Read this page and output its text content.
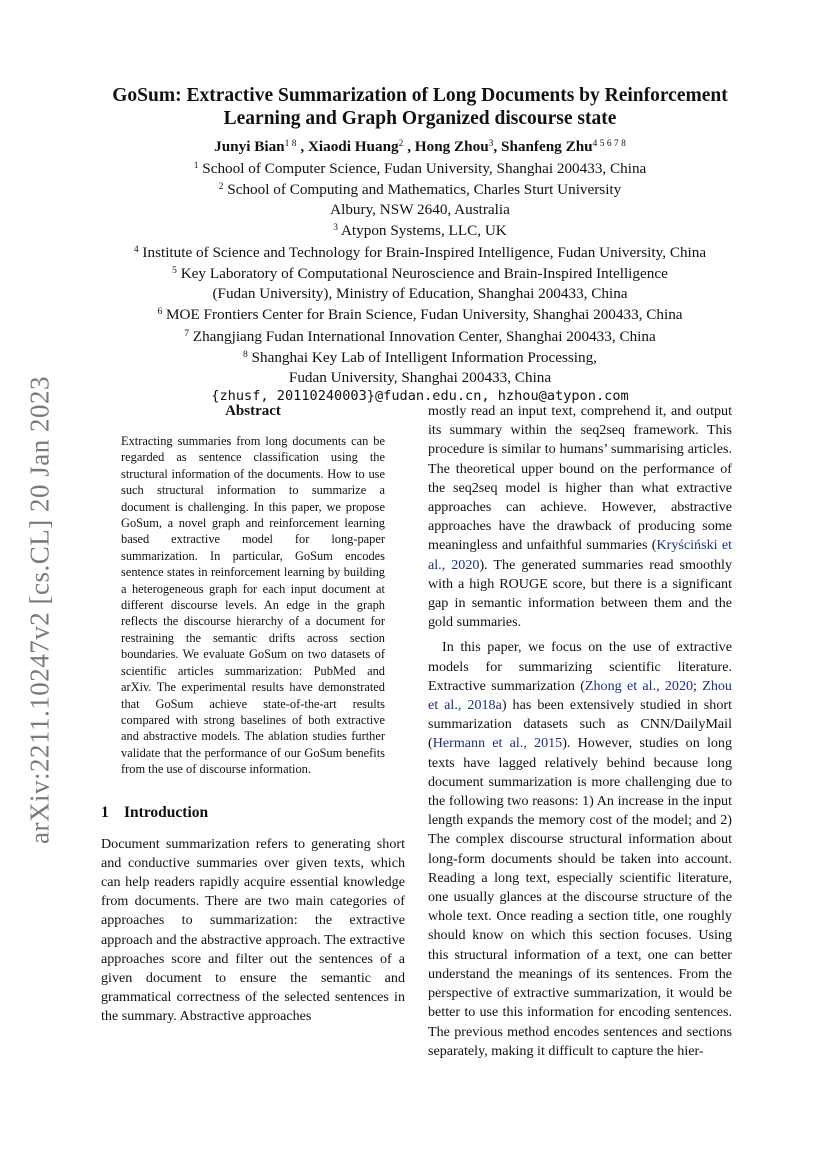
arXiv:2211.10247v2 [cs.CL] 20 Jan 2023
GoSum: Extractive Summarization of Long Documents by Reinforcement
Learning and Graph Organized discourse state
Junyi Bian$^{1 8}$ , Xiaodi Huang$^2$ , Hong Zhou$^3$, Shanfeng Zhu$^{4 5 6 7 8}$
$^1$ School of Computer Science, Fudan University, Shanghai 200433, China
$^2$ School of Computing and Mathematics, Charles Sturt University
Albury, NSW 2640, Australia
$^3$ Atypon Systems, LLC, UK
$^4$ Institute of Science and Technology for Brain-Inspired Intelligence, Fudan University, China
$^5$ Key Laboratory of Computational Neuroscience and Brain-Inspired Intelligence
(Fudan University), Ministry of Education, Shanghai 200433, China
$^6$ MOE Frontiers Center for Brain Science, Fudan University, Shanghai 200433, China
$^7$ Zhangjiang Fudan International Innovation Center, Shanghai 200433, China
$^8$ Shanghai Key Lab of Intelligent Information Processing,
Fudan University, Shanghai 200433, China
{zhusf, 20110240003}@fudan.edu.cn, hzhou@atypon.com
Abstract

Extracting summaries from long documents can be regarded as sentence classification using the structural information of the documents. How to use such structural information to summarize a document is challenging. In this paper, we propose GoSum, a novel graph and reinforcement learning based extractive model for long-paper summarization. In particular, GoSum encodes sentence states in reinforcement learning by building a heterogeneous graph for each input document at different discourse levels. An edge in the graph reflects the discourse hierarchy of a document for restraining the semantic drifts across section boundaries. We evaluate GoSum on two datasets of scientific articles summarization: PubMed and arXiv. The experimental results have demonstrated that GoSum achieve state-of-the-art results compared with strong baselines of both extractive and abstractive models. The ablation studies further validate that the performance of our GoSum benefits from the use of discourse information.

1 Introduction

Document summarization refers to generating short and conductive summaries over given texts, which can help readers rapidly acquire essential knowledge from documents. There are two main categories of approaches to summarization: the extractive approach and the abstractive approach. The extractive approaches score and filter out the sentences of a given document to ensure the semantic and grammatical correctness of the selected sentences in the summary. Abstractive approaches

mostly read an input text, comprehend it, and output its summary within the seq2seq framework. This procedure is similar to humans’ summarising articles. The theoretical upper bound on the performance of the seq2seq model is higher than what extractive approaches can achieve. However, abstractive approaches have the drawback of producing some meaningless and unfaithful summaries (Kryściński et al., 2020). The generated summaries read smoothly with a high ROUGE score, but there is a significant gap in semantic information between them and the gold summaries.

In this paper, we focus on the use of extractive models for summarizing scientific literature. Extractive summarization (Zhong et al., 2020; Zhou et al., 2018a) has been extensively studied in short summarization datasets such as CNN/DailyMail (Hermann et al., 2015). However, studies on long texts have lagged relatively behind because long document summarization is more challenging due to the following two reasons: 1) An increase in the input length expands the memory cost of the model; and 2) The complex discourse structural information about long-form documents should be taken into account. Reading a long text, especially scientific literature, one usually glances at the discourse structure of the whole text. Once reading a section title, one roughly should know on which this section focuses. Using this structural information of a text, one can better understand the meanings of its sentences. From the perspective of extractive summarization, it would be better to use this information for encoding sentences. The previous method encodes sentences and sections separately, making it difficult to capture the hier-
